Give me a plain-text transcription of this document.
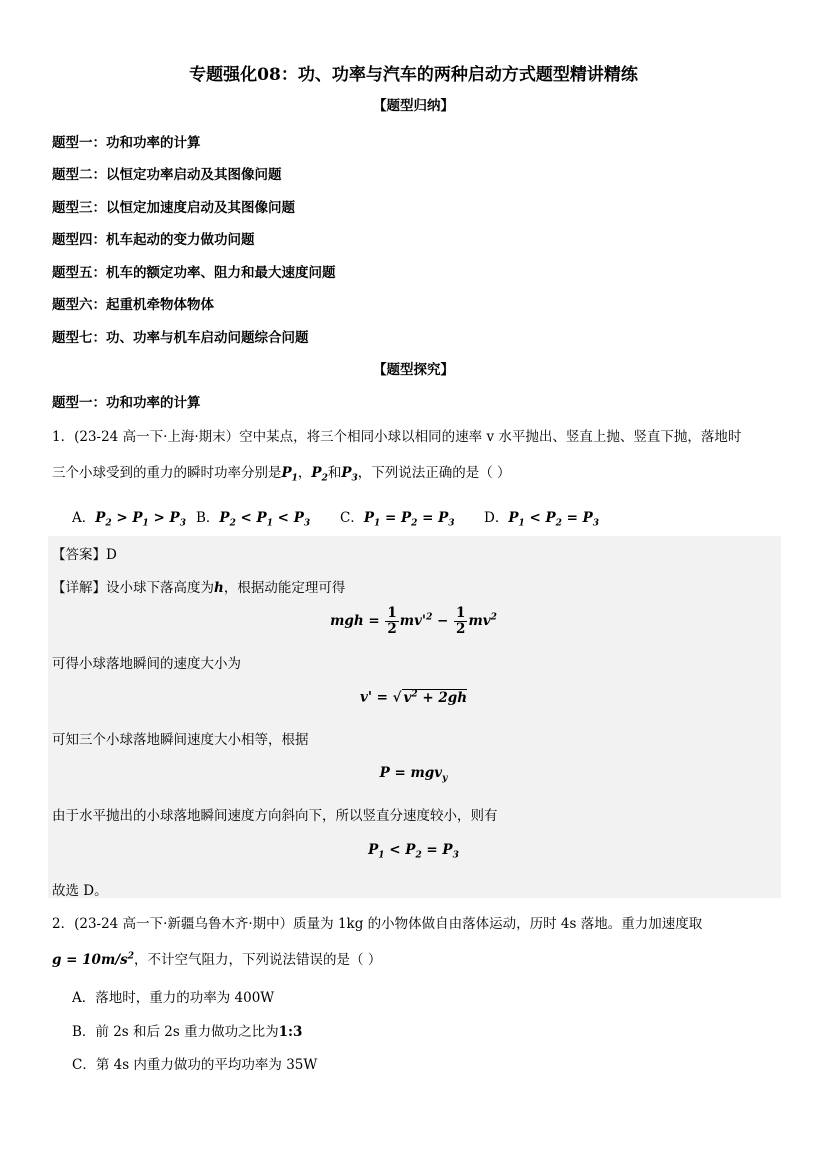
专题强化08：功、功率与汽车的两种启动方式题型精讲精练
【题型归纳】
题型一：功和功率的计算
题型二：以恒定功率启动及其图像问题
题型三：以恒定加速度启动及其图像问题
题型四：机车起动的变力做功问题
题型五：机车的额定功率、阻力和最大速度问题
题型六：起重机牵物体物体
题型七：功、功率与机车启动问题综合问题
【题型探究】
题型一：功和功率的计算
1．(23-24 高一下·上海·期末）空中某点，将三个相同小球以相同的速率 v 水平抛出、竖直上抛、竖直下抛，落地时
三个小球受到的重力的瞬时功率分别是$P_1$，$P_2$和$P_3$，下列说法正确的是（ ）
A．$P_2 > P_1 > P_3$ B．$P_2 < P_1 < P_3$ C．$P_1 = P_2 = P_3$ D．$P_1 < P_2 = P_3$
【答案】D
【详解】设小球下落高度为h，根据动能定理可得
mgh = $\frac{1}{2} mv'^2 - \frac{1}{2} mv^2$
可得小球落地瞬间的速度大小为
v' = √ $v^2 + 2gh$
可知三个小球落地瞬间速度大小相等，根据
P = mgv$_y$
由于水平抛出的小球落地瞬间速度方向斜向下，所以竖直分速度较小，则有
$P_1 < P_2 = P_3$
故选 D。
2．(23-24 高一下·新疆乌鲁木齐·期中）质量为 1kg 的小物体做自由落体运动，历时 4s 落地。重力加速度取
$g = 10m/s^2$，不计空气阻力，下列说法错误的是（ ）
A．落地时，重力的功率为 400W
B．前 2s 和后 2s 重力做功之比为1:3
C．第 4s 内重力做功的平均功率为 35W
